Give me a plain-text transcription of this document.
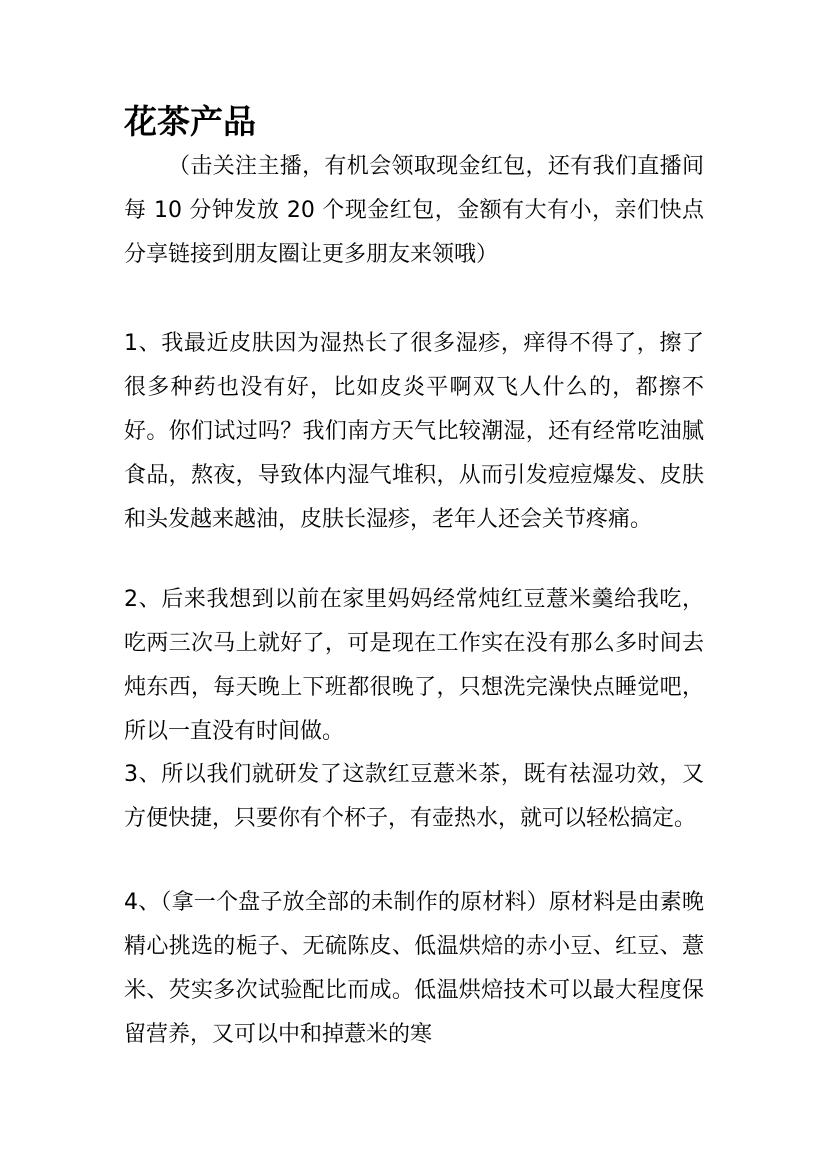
花茶产品

（击关注主播，有机会领取现金红包，还有我们直播间每 10 分钟发放 20 个现金红包，金额有大有小，亲们快点分享链接到朋友圈让更多朋友来领哦）

1、我最近皮肤因为湿热长了很多湿疹，痒得不得了，擦了很多种药也没有好，比如皮炎平啊双飞人什么的，都擦不好。你们试过吗？我们南方天气比较潮湿，还有经常吃油腻食品，熬夜，导致体内湿气堆积，从而引发痘痘爆发、皮肤和头发越来越油，皮肤长湿疹，老年人还会关节疼痛。

2、后来我想到以前在家里妈妈经常炖红豆薏米羹给我吃，吃两三次马上就好了，可是现在工作实在没有那么多时间去炖东西，每天晚上下班都很晚了，只想洗完澡快点睡觉吧，所以一直没有时间做。

3、所以我们就研发了这款红豆薏米茶，既有祛湿功效，又方便快捷，只要你有个杯子，有壶热水，就可以轻松搞定。

4、（拿一个盘子放全部的未制作的原材料）原材料是由素晚精心挑选的栀子、无硫陈皮、低温烘焙的赤小豆、红豆、薏米、芡实多次试验配比而成。低温烘焙技术可以最大程度保留营养，又可以中和掉薏米的寒
